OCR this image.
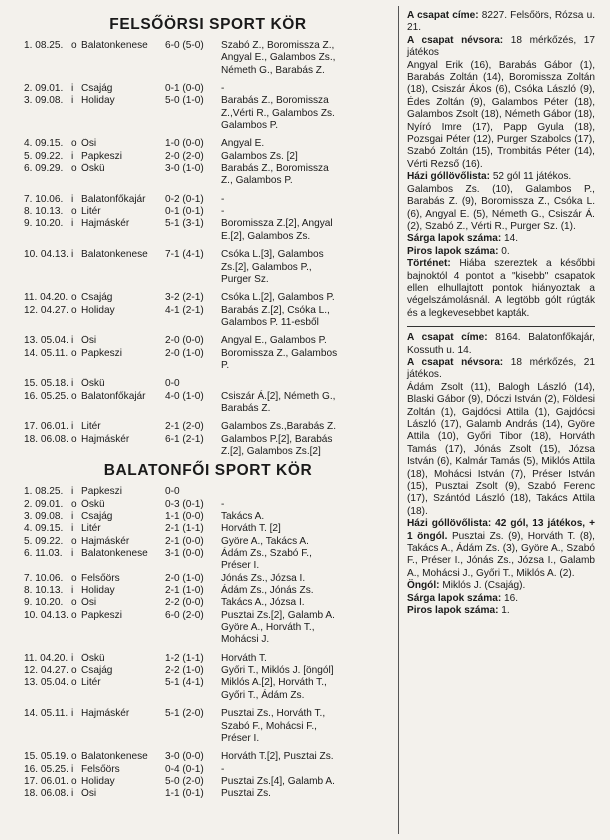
FELSŐÖRSI SPORT KÖR
1. 08.25. o Balatonkenese	6-0 (5-0)	Szabó Z., Boromissza Z.,
Angyal E., Galambos Zs.,
Németh G., Barabás Z.
2. 09.01. i Csajág	0-1 (0-0)	-
3. 09.08. i Holiday	5-0 (1-0)	Barabás Z., Boromissza
Z.,Vérti R., Galambos Zs.
Galambos P.
4. 09.15. o Ősi	1-0 (0-0)	Angyal E.
5. 09.22. i Papkeszi	2-0 (2-0)	Galambos Zs. [2]
6. 09.29. o Öskü	3-0 (1-0)	Barabás Z., Boromissza
Z., Galambos P.
7. 10.06. i Balatonfőkajár	0-2 (0-1)	-
8. 10.13. o Litér	0-1 (0-1)	-
9. 10.20. i Hajmáskér	5-1 (3-1)	Boromissza Z.[2], Angyal
E.[2], Galambos Zs.
10. 04.13. i Balatonkenese	7-1 (4-1)	Csóka L.[3], Galambos
Zs.[2], Galambos P.,
Purger Sz.
11. 04.20. o Csajág	3-2 (2-1)	Csóka L.[2], Galambos P.
12. 04.27. o Holiday	4-1 (2-1)	Barabás Z.[2], Csóka L.,
Galambos P. 11-esből
13. 05.04. i Ősi	2-0 (0-0)	Angyal E., Galambos P.
14. 05.11. o Papkeszi	2-0 (1-0)	Boromissza Z., Galambos
P.
15. 05.18. i Öskü	0-0
16. 05.25. o Balatonfőkajár	4-0 (1-0)	Csiszár Á.[2], Németh G.,
Barabás Z.
17. 06.01. i Litér	2-1 (2-0)	Galambos Zs.,Barabás Z.
18. 06.08. o Hajmáskér	6-1 (2-1)	Galambos P.[2], Barabás
Z.[2], Galambos Zs.[2]
BALATONFŐI SPORT KÖR
1. 08.25. i Papkeszi	0-0
2. 09.01. o Öskü	0-3 (0-1)	-
3. 09.08. i Csajág	1-1 (0-0)	Takács A.
4. 09.15. i Litér	2-1 (1-1)	Horváth T. [2]
5. 09.22. o Hajmáskér	2-1 (0-0)	Györe A., Takács A.
6. 11.03. i Balatonkenese	3-1 (0-0)	Ádám Zs., Szabó F.,
Préser I.
7. 10.06. o Felsőörs	2-0 (1-0)	Jónás Zs., Józsa I.
8. 10.13. i Holiday	2-1 (1-0)	Ádám Zs., Jónás Zs.
9. 10.20. o Ősi	2-2 (0-0)	Takács A., Józsa I.
10. 04.13. o Papkeszi	6-0 (2-0)	Pusztai Zs.[2], Galamb A.
Györe A., Horváth T.,
Mohácsi J.
11. 04.20. i Öskü	1-2 (1-1)	Horváth T.
12. 04.27. o Csajág	2-2 (1-0)	Győri T., Miklós J. [öngól]
13. 05.04. o Litér	5-1 (4-1)	Miklós A.[2], Horváth T.,
Győri T., Ádám Zs.
14. 05.11. i Hajmáskér	5-1 (2-0)	Pusztai Zs., Horváth T.,
Szabó F., Mohácsi F.,
Préser I.
15. 05.19. o Balatonkenese	3-0 (0-0)	Horváth T.[2], Pusztai Zs.
16. 05.25. i Felsőörs	0-4 (0-1)	-
17. 06.01. o Holiday	5-0 (2-0)	Pusztai Zs.[4], Galamb A.
18. 06.08. i Ősi	1-1 (0-1)	Pusztai Zs.

A csapat címe: 8227. Felsőörs, Rózsa u. 21.

A csapat névsora: 18 mérkőzés, 17 játékos

Angyal Erik (16), Barabás Gábor (1), Barabás Zoltán (14), Boromissza Zoltán (18), Csiszár Ákos (6), Csóka László (9), Édes Zoltán (9), Galambos Péter (18), Galambos Zsolt (18), Németh Gábor (18), Nyíró Imre (17), Papp Gyula (18), Pozsgai Péter (12), Purger Szabolcs (17), Szabó Zoltán (15), Trombitás Péter (14), Vérti Rezső (16).

Házi góllövőlista: 52 gól 11 játékos.

Galambos Zs. (10), Galambos P., Barabás Z. (9), Boromissza Z., Csóka L. (6), Angyal E. (5), Németh G., Csiszár Á. (2), Szabó Z., Vérti R., Purger Sz. (1).

Sárga lapok száma: 14.

Piros lapok száma: 0.

Történet: Hiába szereztek a későbbi bajnoktól 4 pontot a "kisebb" csapatok ellen elhullajtott pontok hiányoztak a végelszámolásnál. A legtöbb gólt rúgták és a legkevesebbet kapták.

A csapat címe: 8164. Balatonfőkajár, Kossuth u. 14.

A csapat névsora: 18 mérkőzés, 21 játékos.

Ádám Zsolt (11), Balogh László (14), Blaski Gábor (9), Dóczi István (2), Földesi Zoltán (1), Gajdócsi Attila (1), Gajdócsi László (17), Galamb András (14), Györe Attila (10), Győri Tibor (18), Horváth Tamás (17), Jónás Zsolt (15), Józsa István (6), Kalmár Tamás (5), Miklós Attila (18), Mohácsi István (7), Préser István (15), Pusztai Zsolt (9), Szabó Ferenc (17), Szántód László (18), Takács Attila (18).

Házi góllövőlista: 42 gól, 13 játékos, + 1 öngól. Pusztai Zs. (9), Horváth T. (8), Takács A., Ádám Zs. (3), Györe A., Szabó F., Préser I., Jónás Zs., Józsa I., Galamb A., Mohácsi J., Győri T., Miklós A. (2).

Öngól: Miklós J. (Csajág).

Sárga lapok száma: 16.

Piros lapok száma: 1.
